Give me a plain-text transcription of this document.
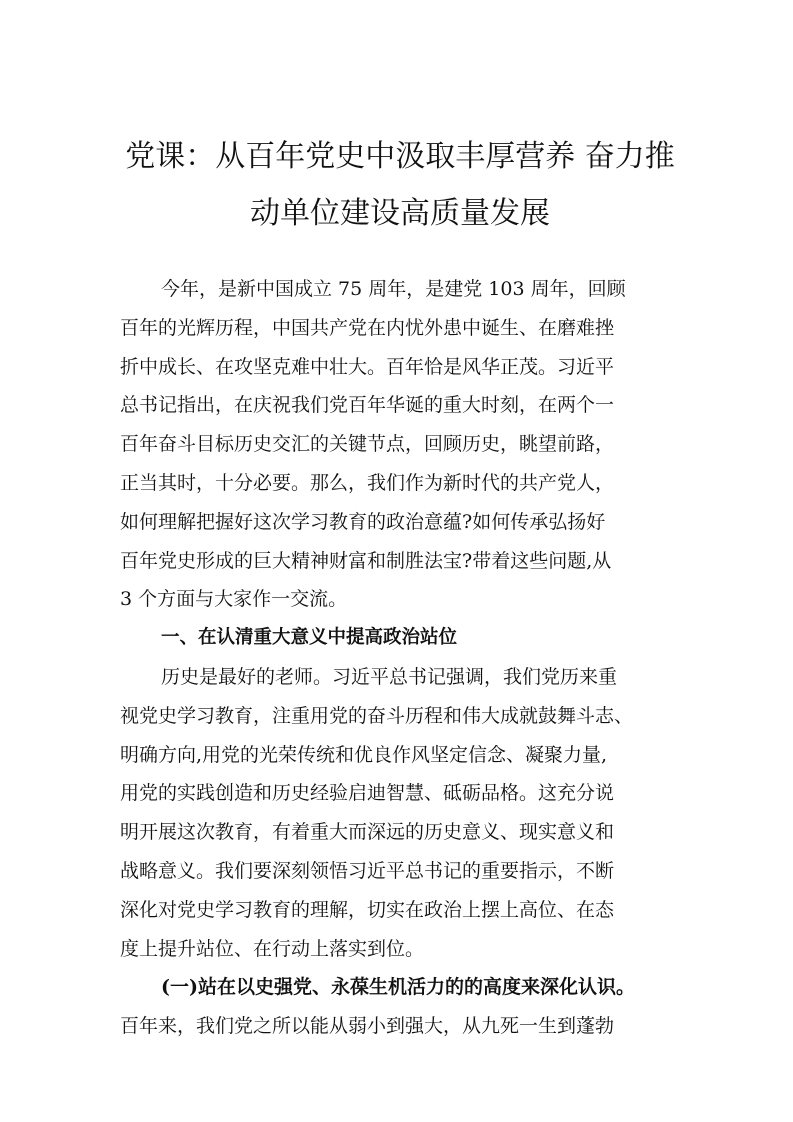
党课：从百年党史中汲取丰厚营养 奋力推
动单位建设高质量发展
今年，是新中国成立 75 周年，是建党 103 周年，回顾
百年的光辉历程，中国共产党在内忧外患中诞生、在磨难挫
折中成长、在攻坚克难中壮大。百年恰是风华正茂。习近平
总书记指出，在庆祝我们党百年华诞的重大时刻，在两个一
百年奋斗目标历史交汇的关键节点，回顾历史，眺望前路，
正当其时，十分必要。那么，我们作为新时代的共产党人，
如何理解把握好这次学习教育的政治意蕴?如何传承弘扬好
百年党史形成的巨大精神财富和制胜法宝?带着这些问题,从
3 个方面与大家作一交流。
一、在认清重大意义中提高政治站位
历史是最好的老师。习近平总书记强调，我们党历来重
视党史学习教育，注重用党的奋斗历程和伟大成就鼓舞斗志、
明确方向,用党的光荣传统和优良作风坚定信念、凝聚力量,
用党的实践创造和历史经验启迪智慧、砥砺品格。这充分说
明开展这次教育，有着重大而深远的历史意义、现实意义和
战略意义。我们要深刻领悟习近平总书记的重要指示，不断
深化对党史学习教育的理解，切实在政治上摆上高位、在态
度上提升站位、在行动上落实到位。
(一)站在以史强党、永葆生机活力的的高度来深化认识。
百年来，我们党之所以能从弱小到强大，从九死一生到蓬勃
